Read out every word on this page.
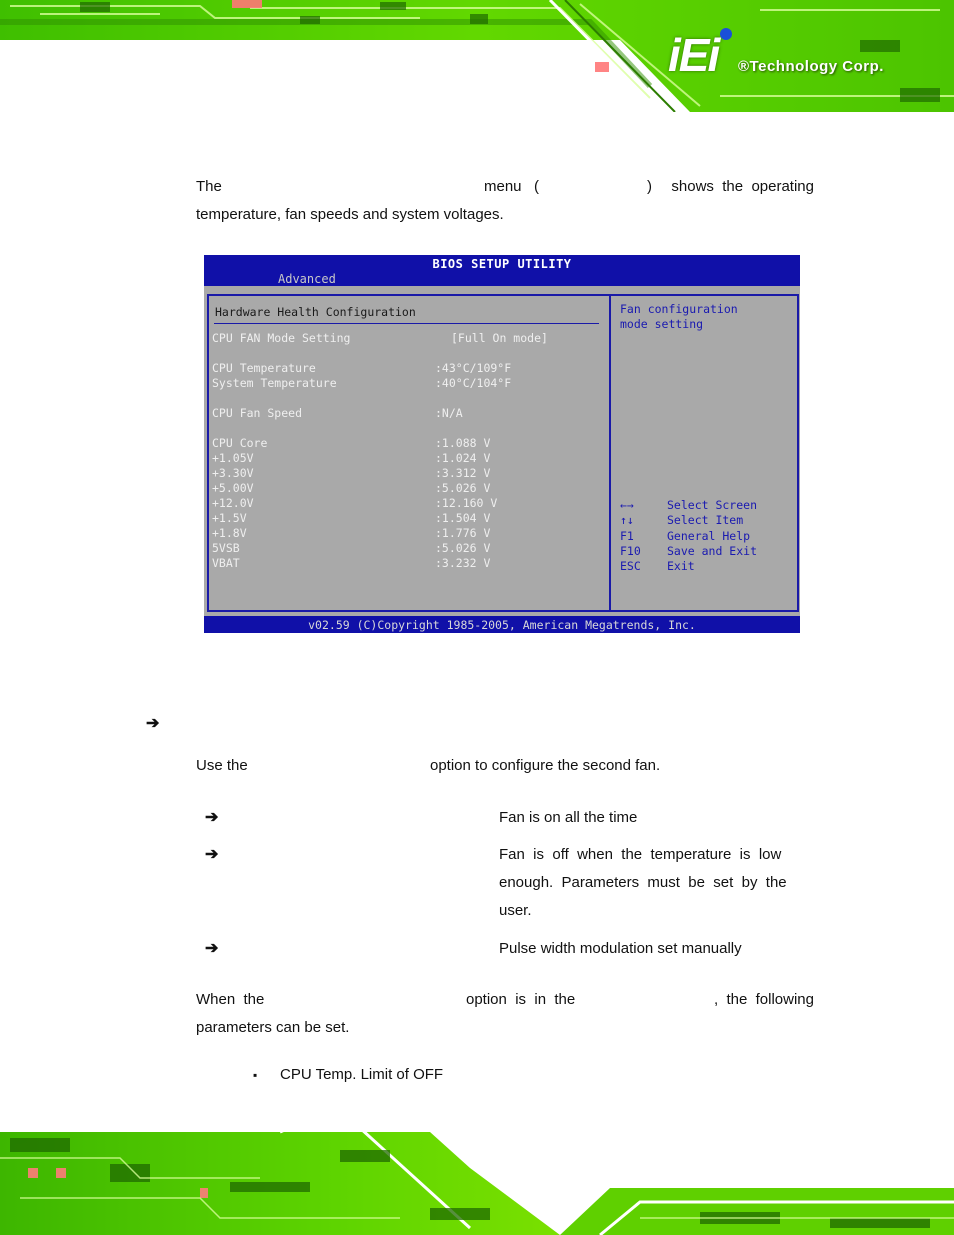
iEi ®Technology Corp.
The	menu (	)	shows  the  operating
temperature, fan speeds and system voltages.
BIOS SETUP UTILITY
Advanced
Hardware Health Configuration
CPU FAN Mode Setting	[Full On mode]
CPU Temperature	:43°C/109°F
System Temperature	:40°C/104°F
CPU Fan Speed	:N/A
CPU Core	:1.088 V
+1.05V	:1.024 V
+3.30V	:3.312 V
+5.00V	:5.026 V
+12.0V	:12.160 V
+1.5V	:1.504 V
+1.8V	:1.776 V
5VSB	:5.026 V
VBAT	:3.232 V
Fan configuration
mode setting
←→	Select Screen
↑↓	Select Item
F1	General Help
F10 Save and Exit
ESC Exit
v02.59 (C)Copyright 1985-2005, American Megatrends, Inc.
➔
Use the	option to configure the second fan.
➔	Fan is on all the time
➔	Fan  is  off  when  the  temperature  is  low
enough.  Parameters  must  be  set  by  the
user.
➔	Pulse width modulation set manually
When  the	option  is  in  the	,  the  following
parameters can be set.
▪ CPU Temp. Limit of OFF
